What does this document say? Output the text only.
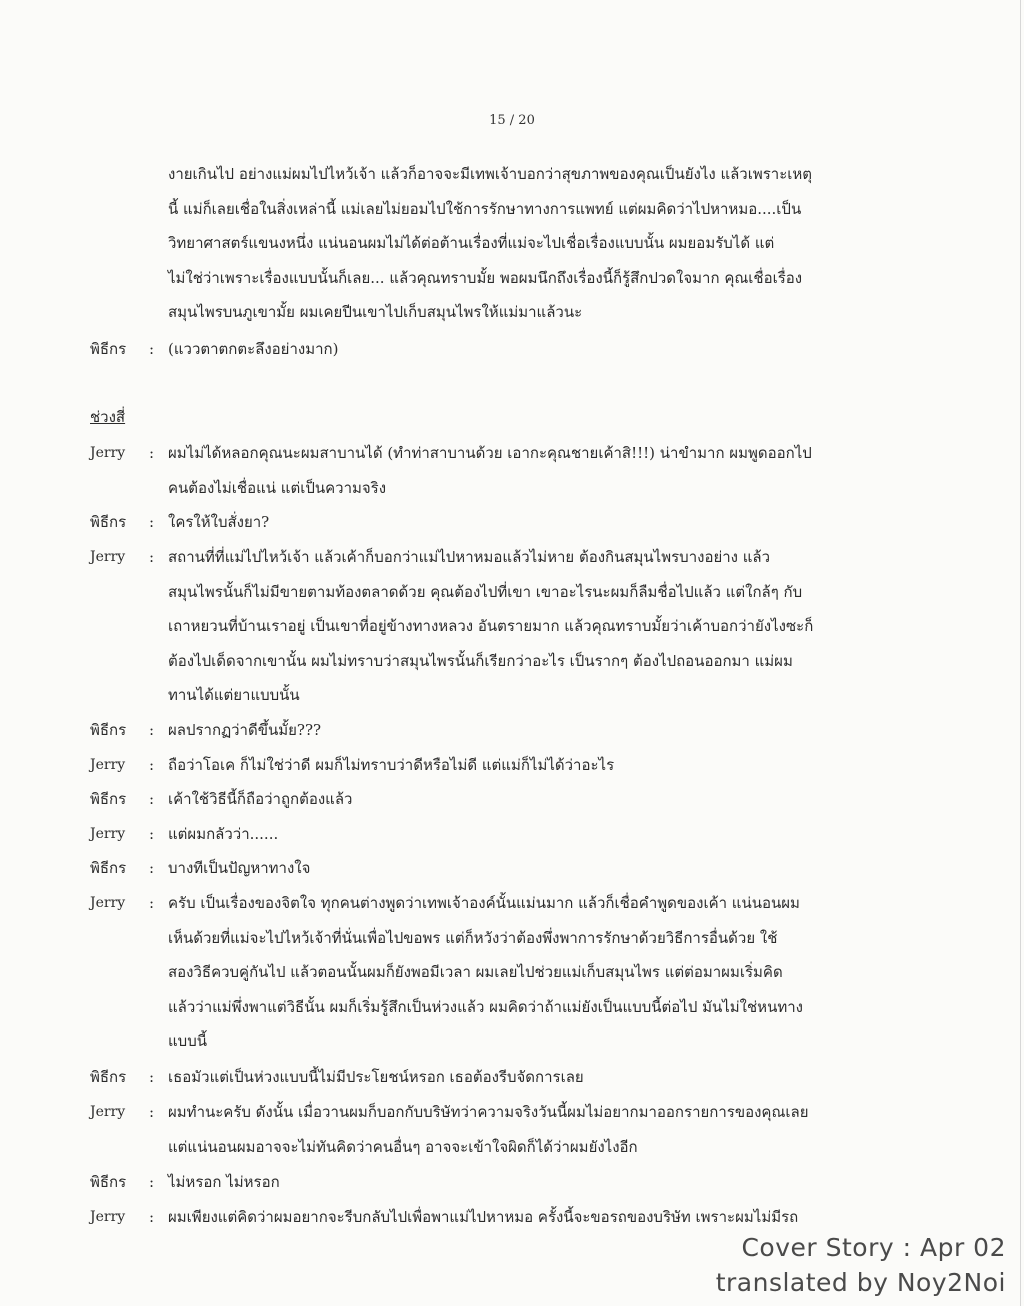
15 / 20
งายเกินไป อย่างแม่ผมไปไหว้เจ้า แล้วก็อาจจะมีเทพเจ้าบอกว่าสุขภาพของคุณเป็นยังไง แล้วเพราะเหตุ
นี้ แม่ก็เลยเชื่อในสิ่งเหล่านี้ แม่เลยไม่ยอมไปใช้การรักษาทางการแพทย์ แต่ผมคิดว่าไปหาหมอ....เป็น
วิทยาศาสตร์แขนงหนึ่ง แน่นอนผมไม่ได้ต่อต้านเรื่องที่แม่จะไปเชื่อเรื่องแบบนั้น ผมยอมรับได้ แต่
ไม่ใช่ว่าเพราะเรื่องแบบนั้นก็เลย... แล้วคุณทราบมั้ย พอผมนึกถึงเรื่องนี้ก็รู้สึกปวดใจมาก คุณเชื่อเรื่อง
สมุนไพรบนภูเขามั้ย ผมเคยปีนเขาไปเก็บสมุนไพรให้แม่มาแล้วนะ
พิธีกร : (แววตาตกตะลึงอย่างมาก)
ช่วงสี่
Jerry : ผมไม่ได้หลอกคุณนะผมสาบานได้ (ทำท่าสาบานด้วย เอากะคุณชายเค้าสิ!!!) น่าขำมาก ผมพูดออกไป
คนต้องไม่เชื่อแน่ แต่เป็นความจริง
พิธีกร : ใครให้ใบสั่งยา?
Jerry : สถานที่ที่แม่ไปไหว้เจ้า แล้วเค้าก็บอกว่าแม่ไปหาหมอแล้วไม่หาย ต้องกินสมุนไพรบางอย่าง แล้ว
สมุนไพรนั้นก็ไม่มีขายตามท้องตลาดด้วย คุณต้องไปที่เขา เขาอะไรนะผมก็ลืมชื่อไปแล้ว แต่ใกล้ๆ กับ
เถาหยวนที่บ้านเราอยู่ เป็นเขาที่อยู่ข้างทางหลวง อันตรายมาก แล้วคุณทราบมั้ยว่าเค้าบอกว่ายังไงซะก็
ต้องไปเด็ดจากเขานั้น ผมไม่ทราบว่าสมุนไพรนั้นก็เรียกว่าอะไร เป็นรากๆ ต้องไปถอนออกมา แม่ผม
ทานได้แต่ยาแบบนั้น
พิธีกร : ผลปรากฏว่าดีขึ้นมั้ย???
Jerry : ถือว่าโอเค ก็ไม่ใช่ว่าดี ผมก็ไม่ทราบว่าดีหรือไม่ดี แต่แม่ก็ไม่ได้ว่าอะไร
พิธีกร : เค้าใช้วิธีนี้ก็ถือว่าถูกต้องแล้ว
Jerry : แต่ผมกลัวว่า......
พิธีกร : บางทีเป็นปัญหาทางใจ
Jerry : ครับ เป็นเรื่องของจิตใจ ทุกคนต่างพูดว่าเทพเจ้าองค์นั้นแม่นมาก แล้วก็เชื่อคำพูดของเค้า แน่นอนผม
เห็นด้วยที่แม่จะไปไหว้เจ้าที่นั่นเพื่อไปขอพร แต่ก็หวังว่าต้องพึ่งพาการรักษาด้วยวิธีการอื่นด้วย ใช้
สองวิธีควบคู่กันไป แล้วตอนนั้นผมก็ยังพอมีเวลา ผมเลยไปช่วยแม่เก็บสมุนไพร แต่ต่อมาผมเริ่มคิด
แล้วว่าแม่พึ่งพาแต่วิธีนั้น ผมก็เริ่มรู้สึกเป็นห่วงแล้ว ผมคิดว่าถ้าแม่ยังเป็นแบบนี้ต่อไป มันไม่ใช่หนทาง
แบบนี้
พิธีกร : เธอมัวแต่เป็นห่วงแบบนี้ไม่มีประโยชน์หรอก เธอต้องรีบจัดการเลย
Jerry : ผมทำนะครับ ดังนั้น เมื่อวานผมก็บอกกับบริษัทว่าความจริงวันนี้ผมไม่อยากมาออกรายการของคุณเลย
แต่แน่นอนผมอาจจะไม่ทันคิดว่าคนอื่นๆ อาจจะเข้าใจผิดก็ได้ว่าผมยังไงอีก
พิธีกร : ไม่หรอก ไม่หรอก
Jerry : ผมเพียงแต่คิดว่าผมอยากจะรีบกลับไปเพื่อพาแม่ไปหาหมอ ครั้งนี้จะขอรถของบริษัท เพราะผมไม่มีรถ
Cover Story : Apr 02
translated by Noy2Noi
